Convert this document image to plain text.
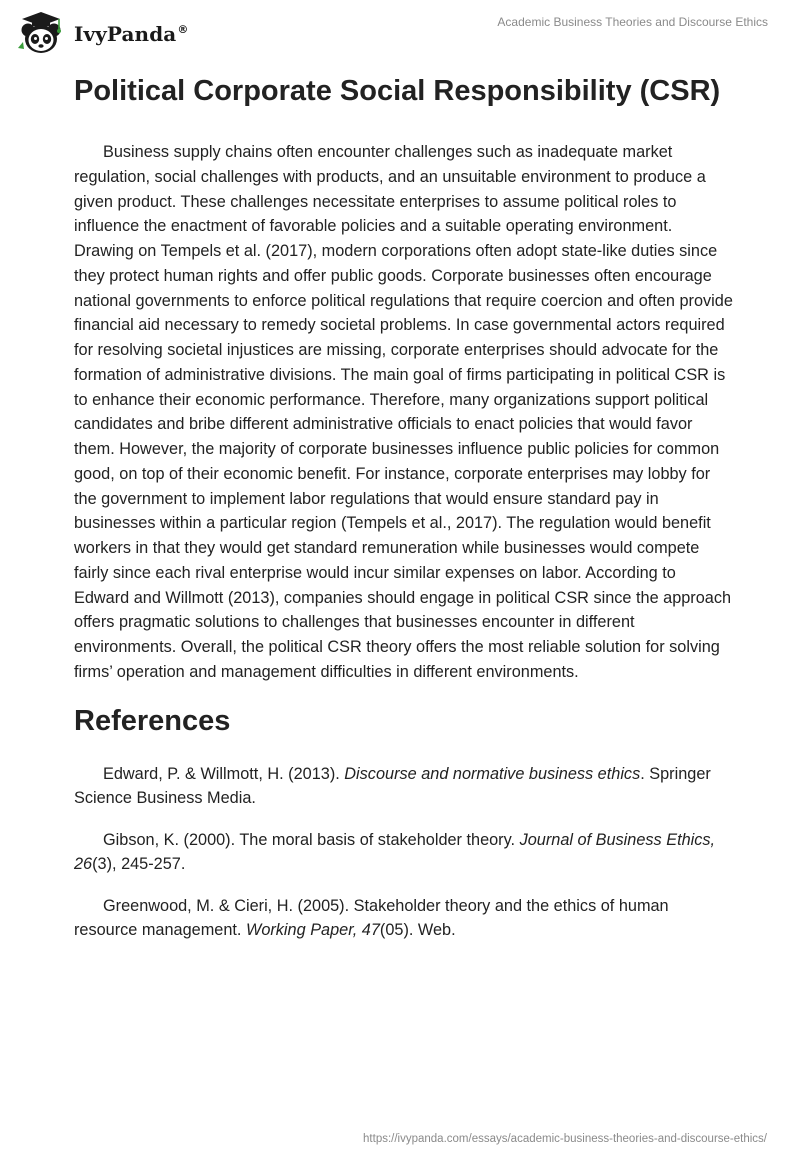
IvyPanda®
Academic Business Theories and Discourse Ethics
Political Corporate Social Responsibility (CSR)

Business supply chains often encounter challenges such as inadequate market regulation, social challenges with products, and an unsuitable environment to produce a given product. These challenges necessitate enterprises to assume political roles to influence the enactment of favorable policies and a suitable operating environment. Drawing on Tempels et al. (2017), modern corporations often adopt state-like duties since they protect human rights and offer public goods. Corporate businesses often encourage national governments to enforce political regulations that require coercion and often provide financial aid necessary to remedy societal problems. In case governmental actors required for resolving societal injustices are missing, corporate enterprises should advocate for the formation of administrative divisions. The main goal of firms participating in political CSR is to enhance their economic performance. Therefore, many organizations support political candidates and bribe different administrative officials to enact policies that would favor them. However, the majority of corporate businesses influence public policies for common good, on top of their economic benefit. For instance, corporate enterprises may lobby for the government to implement labor regulations that would ensure standard pay in businesses within a particular region (Tempels et al., 2017). The regulation would benefit workers in that they would get standard remuneration while businesses would compete fairly since each rival enterprise would incur similar expenses on labor. According to Edward and Willmott (2013), companies should engage in political CSR since the approach offers pragmatic solutions to challenges that businesses encounter in different environments. Overall, the political CSR theory offers the most reliable solution for solving firms’ operation and management difficulties in different environments.

References

Edward, P. & Willmott, H. (2013). Discourse and normative business ethics. Springer Science Business Media.

Gibson, K. (2000). The moral basis of stakeholder theory. Journal of Business Ethics, 26(3), 245-257.

Greenwood, M. & Cieri, H. (2005). Stakeholder theory and the ethics of human resource management. Working Paper, 47(05). Web.

https://ivypanda.com/essays/academic-business-theories-and-discourse-ethics/
